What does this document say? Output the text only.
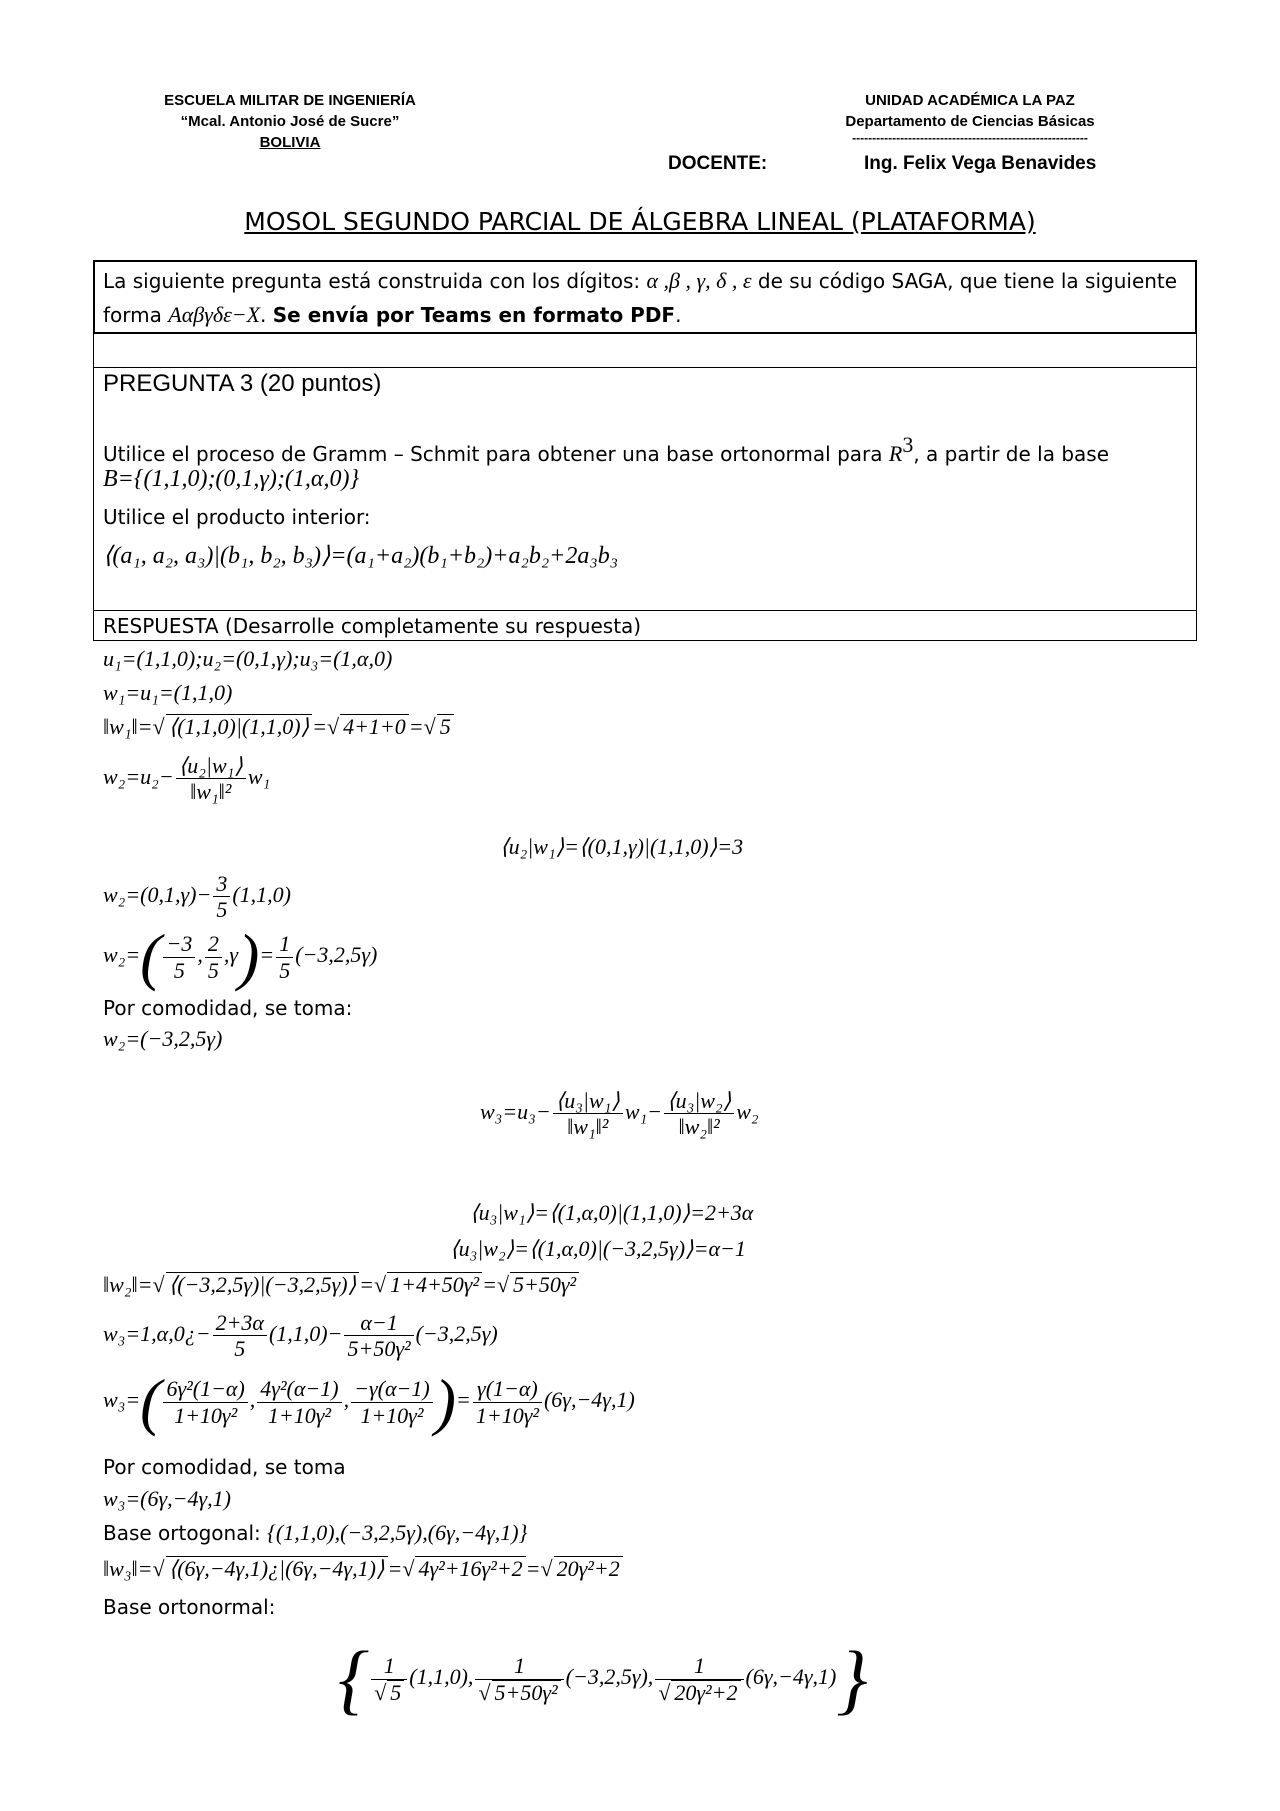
ESCUELA MILITAR DE INGENIERÍA
“Mcal. Antonio José de Sucre”
BOLIVIA
UNIDAD ACADÉMICA LA PAZ
Departamento de Ciencias Básicas
-----------------------------------------------------------
DOCENTE:	Ing. Felix Vega Benavides
MOSOL SEGUNDO PARCIAL DE ÁLGEBRA LINEAL (PLATAFORMA)
La siguiente pregunta está construida con los dígitos: α ,β , γ, δ , ε de su código SAGA, que tiene la siguiente
forma Ααβγδε−X. Se envía por Teams en formato PDF.
PREGUNTA 3 (20 puntos)
Utilice el proceso de Gramm – Schmit para obtener una base ortonormal para $R^3$, a partir de la base
B={(1,1,0);(0,1,γ);(1,α,0)}
Utilice el producto interior:
⟨(a₁, a₂, a₃)|(b₁, b₂, b₃)⟩=(a₁+a₂)(b₁+b₂)+a₂b₂+2a₃b₃
RESPUESTA (Desarrolle completamente su respuesta)
u₁=(1,1,0);u₂=(0,1,γ);u₃=(1,α,0)
w₁=u₁=(1,1,0)
‖w₁‖=√ ⟨(1,1,0)|(1,1,0)⟩ =√ 4+1+0 =√ 5
$w_2=u_2- \frac{\text{⟨u₂|w₁⟩}}{\text{‖w₁‖²}} w_1$
⟨u₂|w₁⟩=⟨(0,1,γ)|(1,1,0)⟩=3
$w_2=(0,1,\gamma)- \frac{3}{5} (1,1,0)$
$w_2=( \frac{-3}{5}$ , $\frac{2}{5} ,\gamma)= \frac{1}{5} (-3,2,5\gamma)$
Por comodidad, se toma:
w₂=(−3,2,5γ)
$w_3=u_3- \frac{\text{⟨u₃|w₁⟩}}{\text{‖w₁‖²}} w_1- \frac{\text{⟨u₃|w₂⟩}}{\text{‖w₂‖²}} w_2$
⟨u₃|w₁⟩=⟨(1,α,0)|(1,1,0)⟩=2+3α
⟨u₃|w₂⟩=⟨(1,α,0)|(−3,2,5γ)⟩=α−1
‖w₂‖=√ ⟨(−3,2,5γ)|(−3,2,5γ)⟩ =√ 1+4+50γ² =√ 5+50γ²
w₃=1,α,0¿− $\frac{2+3\alpha}{5} (1,1,0)- \frac{\alpha-1}{\text{5+50γ²}} (-3,2,5\gamma)$
$w_3=( \frac{\text{6γ²(1−α)}}{\text{1+10γ²}}$ , $\frac{\text{4γ²(α−1)}}{\text{1+10γ²}}$ , $\frac{-\gamma(\alpha-1)}{\text{1+10γ²}}$ )= $\frac{\gamma(1-\alpha)}{\text{1+10γ²}} (6\gamma,-4\gamma,1)$
Por comodidad, se toma
w₃=(6γ,−4γ,1)
Base ortogonal: {(1,1,0),(−3,2,5γ),(6γ,−4γ,1)}
‖w₃‖=√ ⟨(6γ,−4γ,1)¿|(6γ,−4γ,1)⟩ =√ 4γ²+16γ²+2 =√ 20γ²+2
Base ortonormal:
{ $\frac{1}{√ 5} (1,1,0)$, $\frac{1}{\text{√ 5+50γ²}} (-3,2,5\gamma)$, $\frac{1}{\text{√ 20γ²+2}} (6\gamma,-4\gamma,1)$}
